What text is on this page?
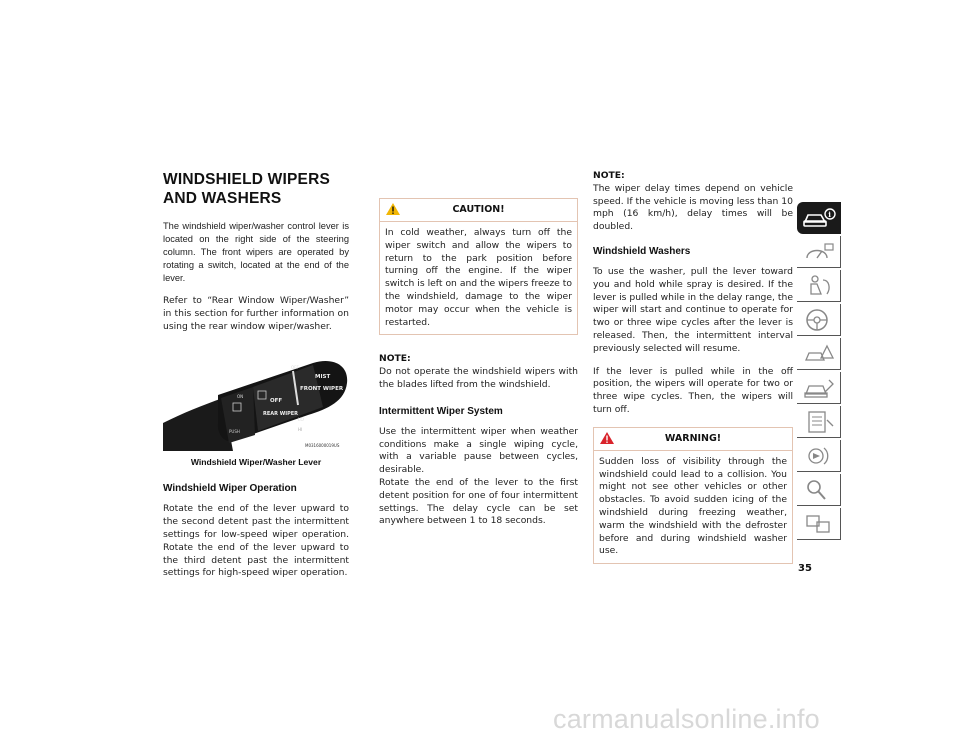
WINDSHIELD WIPERS AND WASHERS
The windshield wiper/washer control lever is located on the right side of the steering column. The front wipers are operated by rotating a switch, located at the end of the lever.

Refer to “Rear Window Wiper/Washer” in this section for further information on using the rear window wiper/washer.

ON
OFF
MIST
FRONT WIPER
OFF
REAR WIPER
LO
HI
PUSH
M0316000019US
Windshield Wiper/Washer Lever
Windshield Wiper Operation

Rotate the end of the lever upward to the second detent past the intermittent settings for low-speed wiper operation. Rotate the end of the lever upward to the third detent past the intermittent settings for high-speed wiper operation.

CAUTION!
In cold weather, always turn off the wiper switch and allow the wipers to return to the park position before turning off the engine. If the wiper switch is left on and the wipers freeze to the windshield, damage to the wiper motor may occur when the vehicle is restarted.
NOTE:

Do not operate the windshield wipers with the blades lifted from the windshield.

Intermittent Wiper System

Use the intermittent wiper when weather conditions make a single wiping cycle, with a variable pause between cycles, desirable.

Rotate the end of the lever to the first detent position for one of four intermittent settings. The delay cycle can be set anywhere between 1 to 18 seconds.

NOTE:

The wiper delay times depend on vehicle speed. If the vehicle is moving less than 10 mph (16 km/h), delay times will be doubled.

Windshield Washers

To use the washer, pull the lever toward you and hold while spray is desired. If the lever is pulled while in the delay range, the wiper will start and continue to operate for two or three wipe cycles after the lever is released. Then, the intermittent interval previously selected will resume.

If the lever is pulled while in the off position, the wipers will operate for two or three wipe cycles. Then, the wipers will turn off.

WARNING!
Sudden loss of visibility through the windshield could lead to a collision. You might not see other vehicles or other obstacles. To avoid sudden icing of the windshield during freezing weather, warm the windshield with the defroster before and during windshield washer use.
i
35
carmanualsonline.info
